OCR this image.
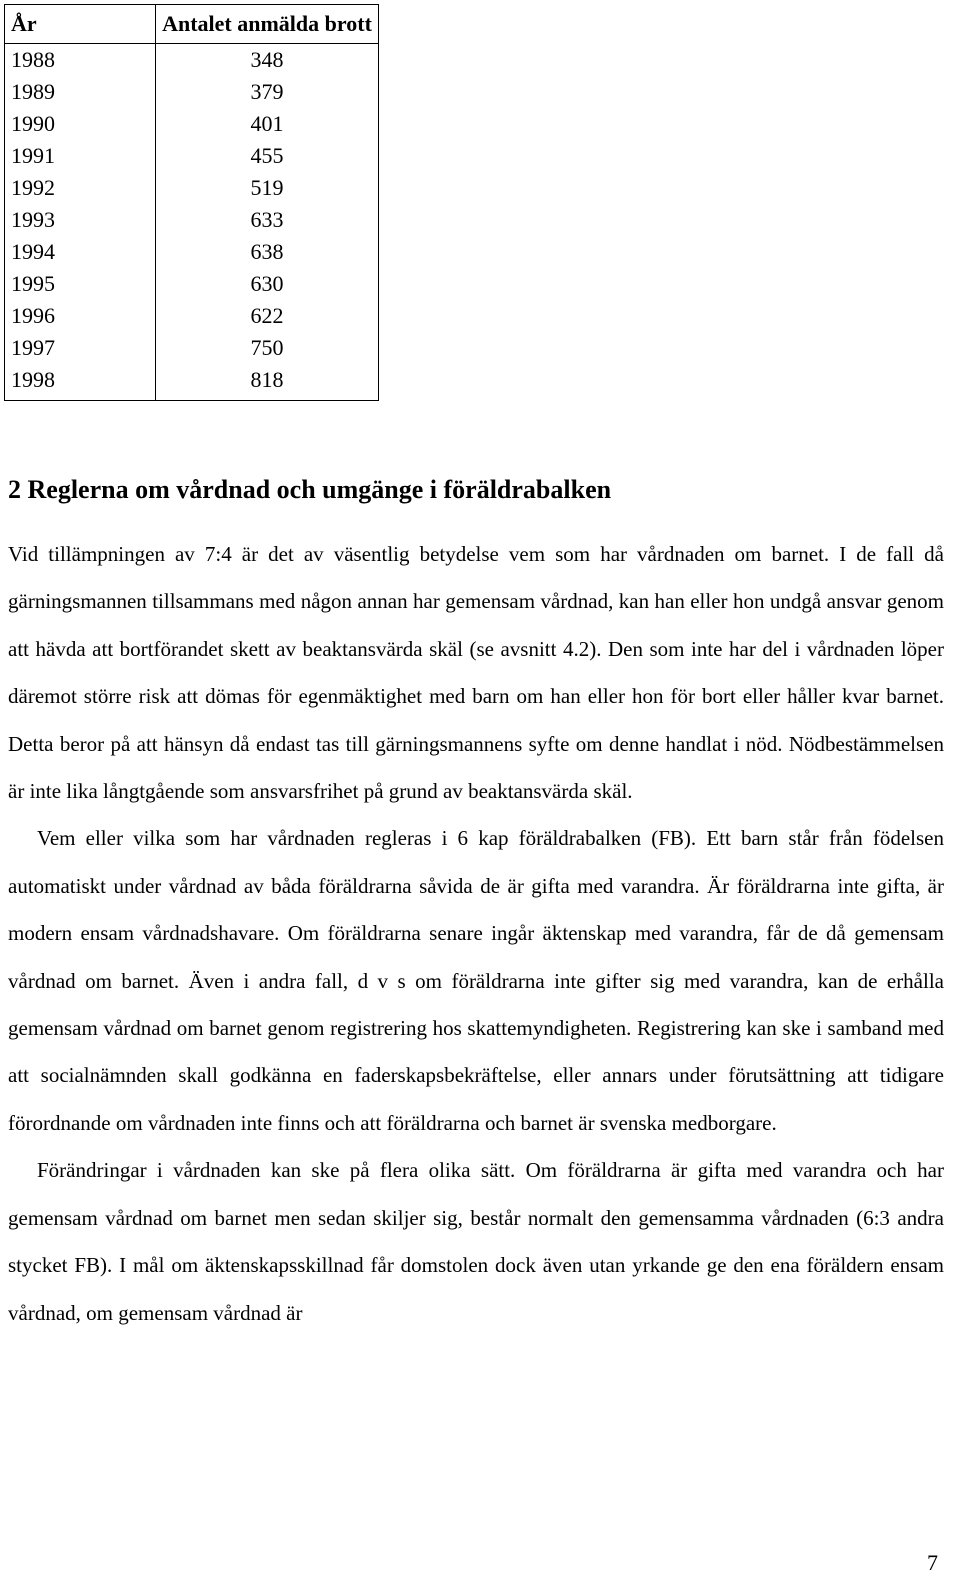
År	Antalet anmälda brott
1988	348
1989	379
1990	401
1991	455
1992	519
1993	633
1994	638
1995	630
1996	622
1997	750
1998	818
2 Reglerna om vårdnad och umgänge i föräldrabalken

Vid tillämpningen av 7:4 är det av väsentlig betydelse vem som har vårdnaden om barnet. I de fall då gärningsmannen tillsammans med någon annan har gemensam vårdnad, kan han eller hon undgå ansvar genom att hävda att bortförandet skett av beaktansvärda skäl (se avsnitt 4.2). Den som inte har del i vårdnaden löper däremot större risk att dömas för egenmäktighet med barn om han eller hon för bort eller håller kvar barnet. Detta beror på att hänsyn då endast tas till gärningsmannens syfte om denne handlat i nöd. Nödbestämmelsen är inte lika långtgående som ansvarsfrihet på grund av beaktansvärda skäl.

Vem eller vilka som har vårdnaden regleras i 6 kap föräldrabalken (FB). Ett barn står från födelsen automatiskt under vårdnad av båda föräldrarna såvida de är gifta med varandra. Är föräldrarna inte gifta, är modern ensam vårdnadshavare. Om föräldrarna senare ingår äktenskap med varandra, får de då gemensam vårdnad om barnet. Även i andra fall, d v s om föräldrarna inte gifter sig med varandra, kan de erhålla gemensam vårdnad om barnet genom registrering hos skattemyndigheten. Registrering kan ske i samband med att socialnämnden skall godkänna en faderskapsbekräftelse, eller annars under förutsättning att tidigare förordnande om vårdnaden inte finns och att föräldrarna och barnet är svenska medborgare.

Förändringar i vårdnaden kan ske på flera olika sätt. Om föräldrarna är gifta med varandra och har gemensam vårdnad om barnet men sedan skiljer sig, består normalt den gemensamma vårdnaden (6:3 andra stycket FB). I mål om äktenskapsskillnad får domstolen dock även utan yrkande ge den ena föräldern ensam vårdnad, om gemensam vårdnad är

7
